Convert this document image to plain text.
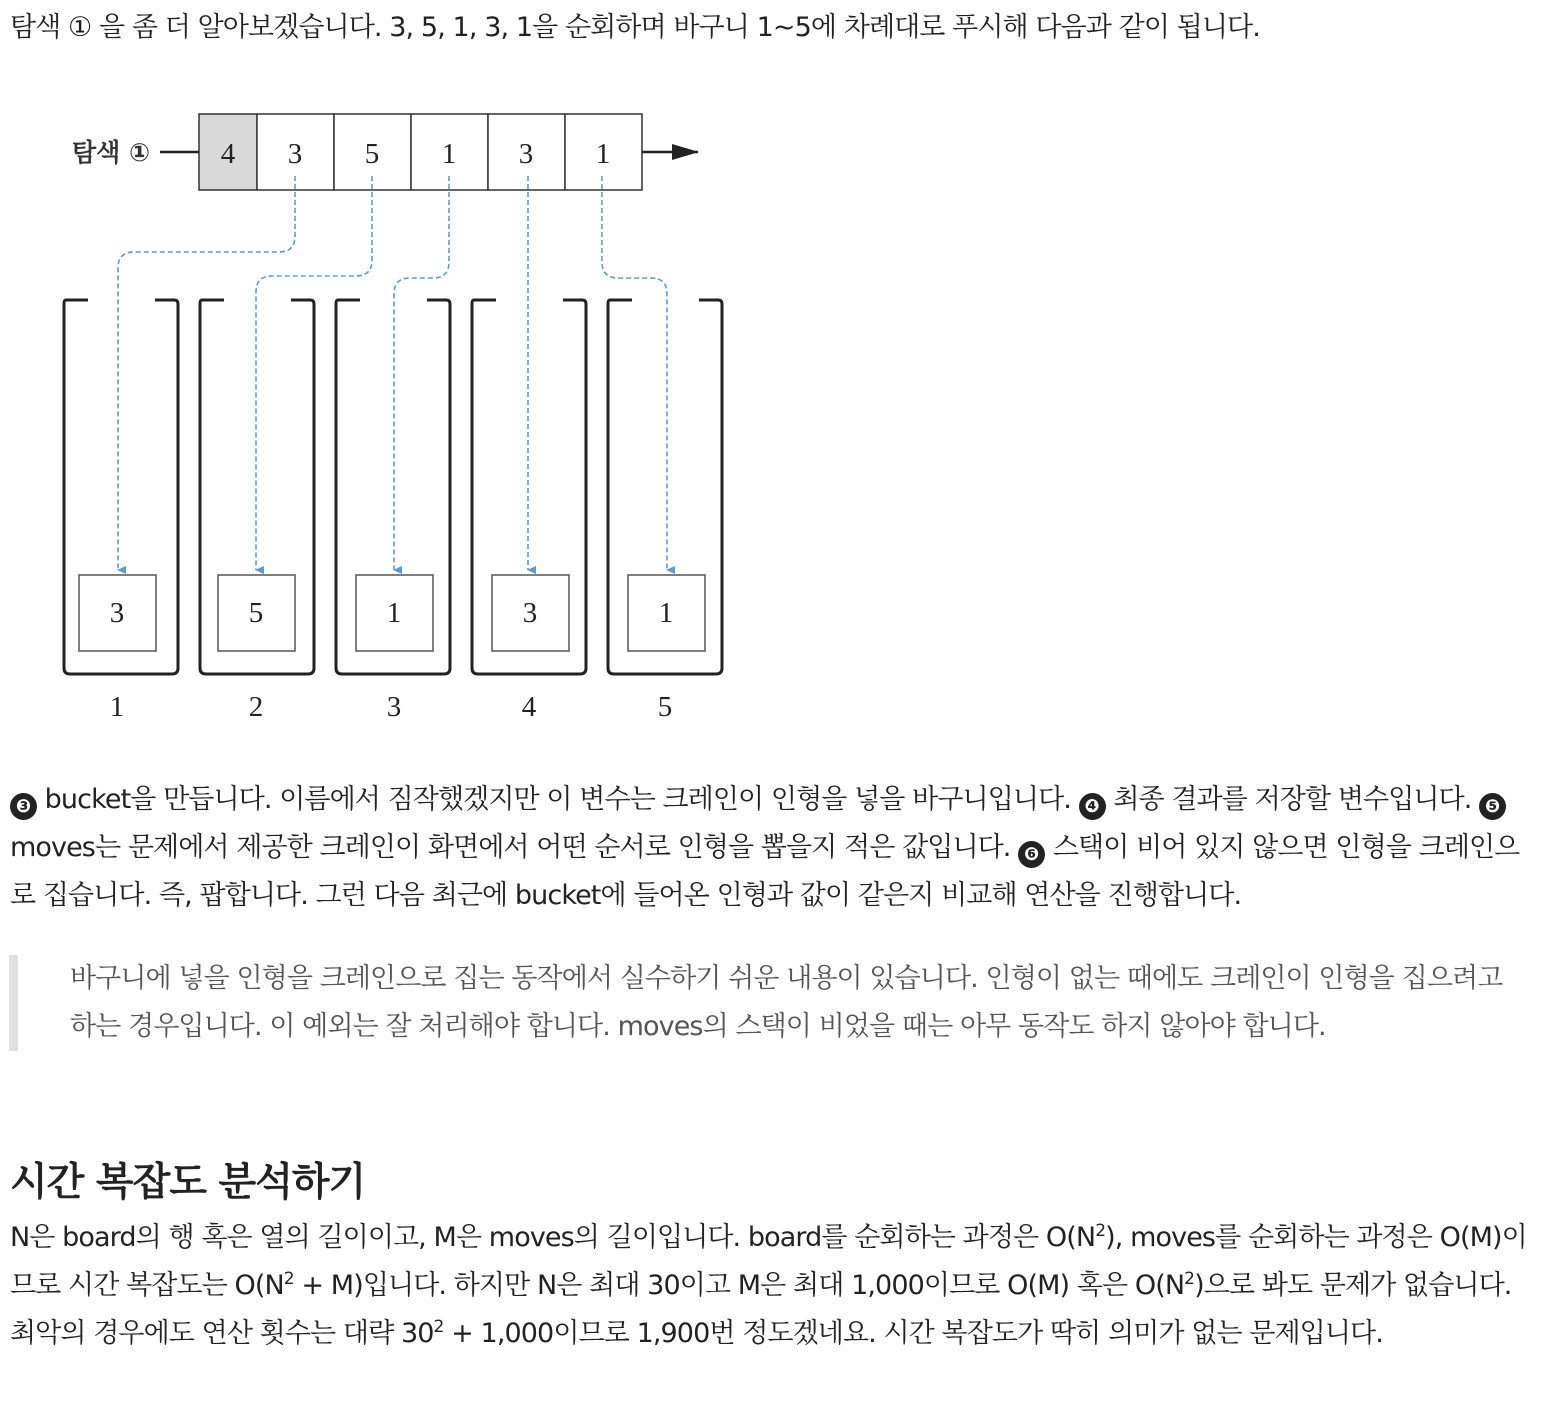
탐색 ① 을 좀 더 알아보겠습니다. 3, 5, 1, 3, 1을 순회하며 바구니 1~5에 차례대로 푸시해 다음과 같이 됩니다.

탐색 ① 4 3 5 1 3 1
3	5	1	3	1
1	2	3	4	5

❸ bucket을 만듭니다. 이름에서 짐작했겠지만 이 변수는 크레인이 인형을 넣을 바구니입니다. ❹ 최종 결과를 저장할 변수입니다. ❺ moves는 문제에서 제공한 크레인이 화면에서 어떤 순서로 인형을 뽑을지 적은 값입니다. ❻ 스택이 비어 있지 않으면 인형을 크레인으로 집습니다. 즉, 팝합니다. 그런 다음 최근에 bucket에 들어온 인형과 값이 같은지 비교해 연산을 진행합니다.

바구니에 넣을 인형을 크레인으로 집는 동작에서 실수하기 쉬운 내용이 있습니다. 인형이 없는 때에도 크레인이 인형을 집으려고 하는 경우입니다. 이 예외는 잘 처리해야 합니다. moves의 스택이 비었을 때는 아무 동작도 하지 않아야 합니다.

시간 복잡도 분석하기

N은 board의 행 혹은 열의 길이이고, M은 moves의 길이입니다. board를 순회하는 과정은 $O(N^2)$, moves를 순회하는 과정은 O(M)이므로 시간 복잡도는 $O(N^2 + M)$입니다. 하지만 N은 최대 30이고 M은 최대 1,000이므로 O(M) 혹은 $O(N^2)$으로 봐도 문제가 없습니다. 최악의 경우에도 연산 횟수는 대략 $30^2 + 1,000$이므로 1,900번 정도겠네요. 시간 복잡도가 딱히 의미가 없는 문제입니다.
